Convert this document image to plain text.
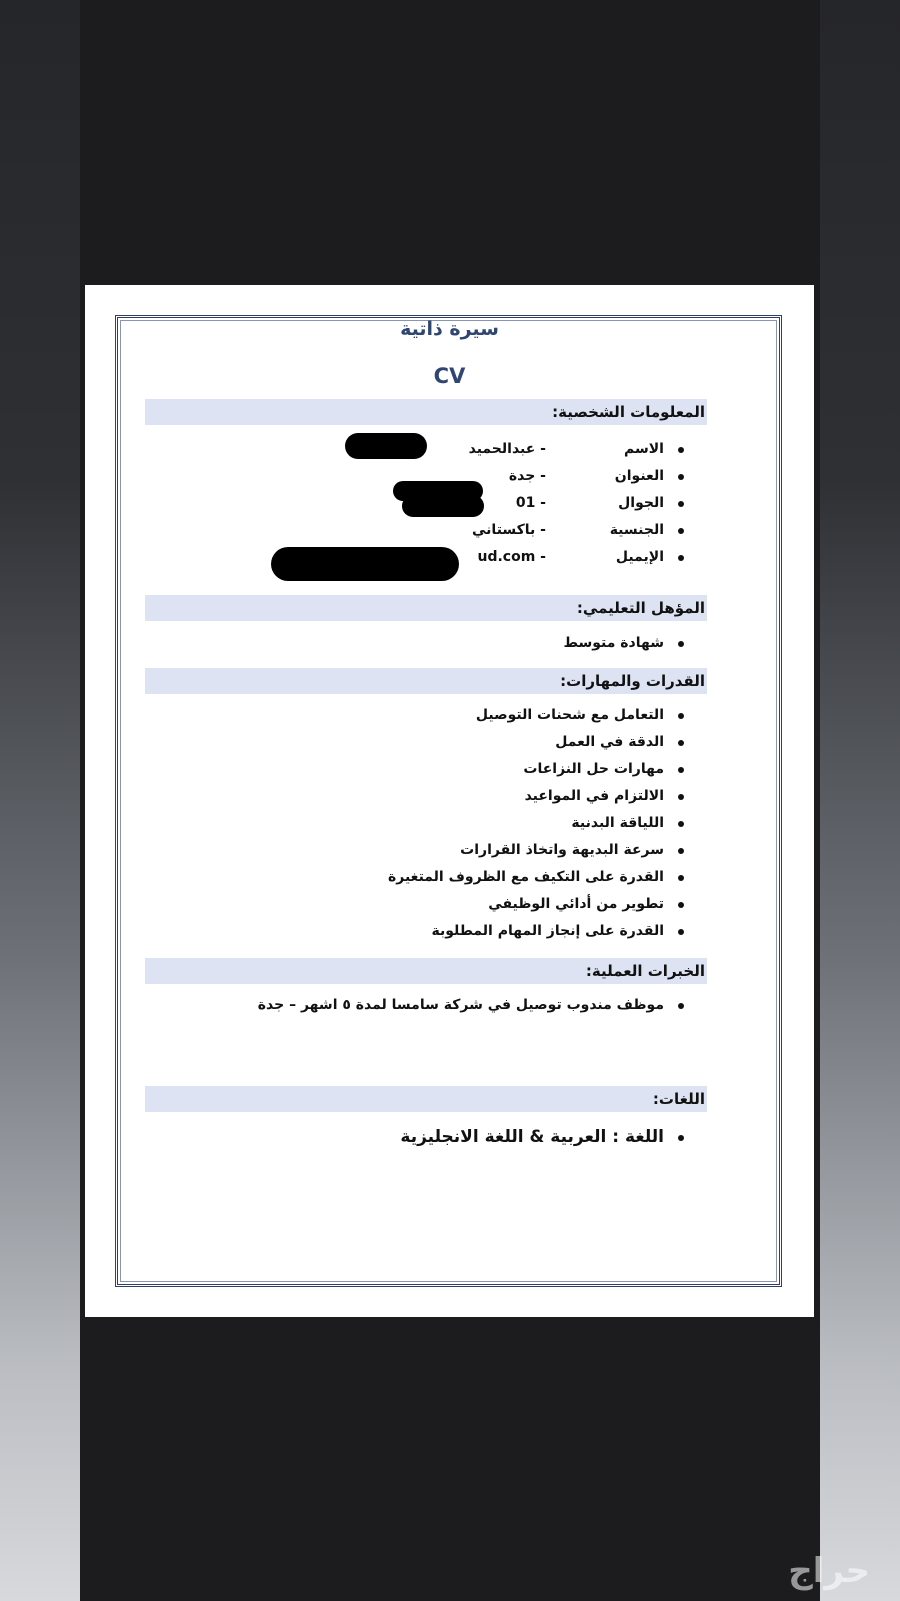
سيرة ذاتية
CV
المعلومات الشخصية:
الاسم
- عبدالحميد
العنوان
- جدة
الجوال
- 01
الجنسية
- باكستاني
الإيميل
- ud.com
المؤهل التعليمي:
شهادة متوسط
القدرات والمهارات:
التعامل مع شحنات التوصيل
الدقة في العمل
مهارات حل النزاعات
الالتزام في المواعيد
اللياقة البدنية
سرعة البديهة واتخاذ القرارات
القدرة على التكيف مع الظروف المتغيرة
تطوير من أدائي الوظيفي
القدرة على إنجاز المهام المطلوبة
الخبرات العملية:
موظف مندوب توصيل في شركة سامسا لمدة ٥ اشهر – جدة
اللغات:
اللغة : العربية & اللغة الانجليزية
حراج
